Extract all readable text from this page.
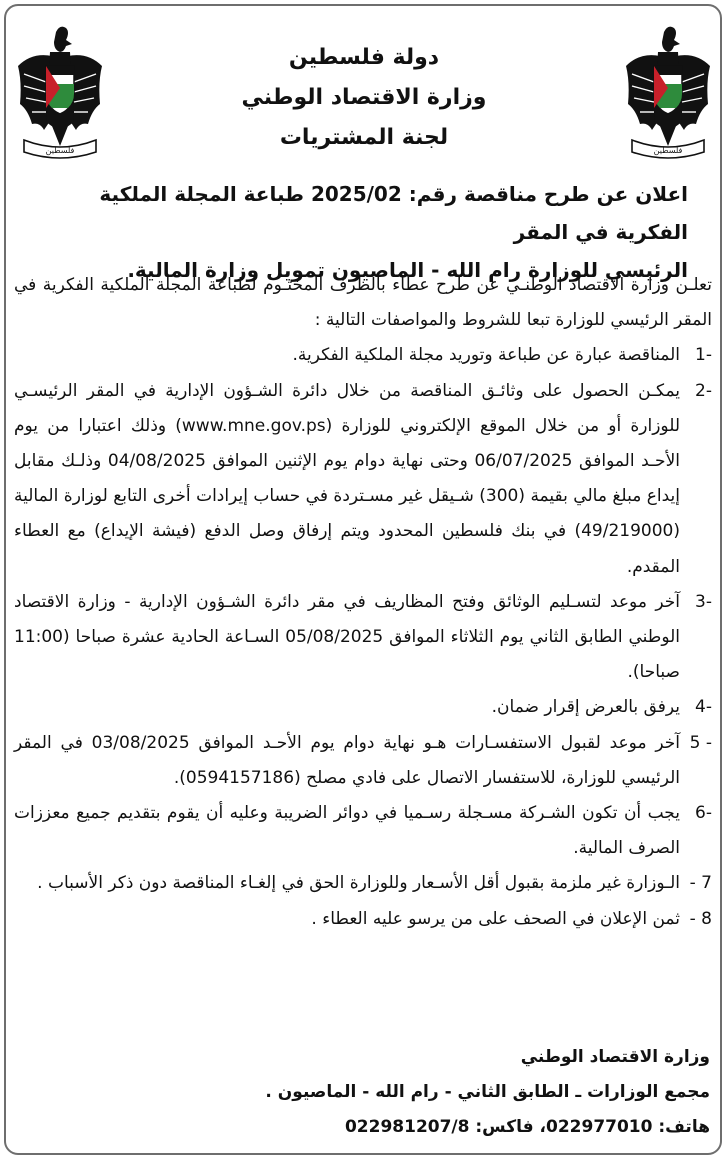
فلسطين
فلسطين
دولة فلسطين
وزارة الاقتصاد الوطني
لجنة المشتريات
اعلان عن طرح مناقصة رقم: 2025/02 طباعة المجلة الملكية الفكرية في المقر
الرئيسي للوزارة رام الله - الماصيون تمويل وزارة المالية.

تعلـن وزارة الاقتصاد الوطنـي عن طرح عطاء بالظرف المختـوم لطباعة المجلة الملكية الفكرية في المقر الرئيسي للوزارة تبعا للشروط والمواصفات التالية :

-1
المناقصة عبارة عن طباعة وتوريد مجلة الملكية الفكرية.
-2
يمكـن الحصول على وثائـق المناقصة من خلال دائرة الشـؤون الإدارية في المقر الرئيسـي للوزارة أو من خلال الموقع الإلكتروني للوزارة (www.mne.gov.ps) وذلك اعتبارا من يوم الأحـد الموافق 06/07/2025 وحتى نهاية دوام يوم الإثنين الموافق 04/08/2025 وذلـك مقابل إيداع مبلغ مالي بقيمة (300) شـيقل غير مسـتردة في حساب إيرادات أخرى التابع لوزارة المالية (49/219000) في بنك فلسطين المحدود ويتم إرفاق وصل الدفع (فيشة الإيداع) مع العطاء المقدم.
-3
آخر موعد لتسـليم الوثائق وفتح المظاريف في مقر دائرة الشـؤون الإدارية - وزارة الاقتصاد الوطني الطابق الثاني يوم الثلاثاء الموافق 05/08/2025 السـاعة الحادية عشرة صباحا (11:00 صباحا).
-4
يرفق بالعرض إقرار ضمان.
- 5
آخر موعد لقبول الاستفسـارات هـو نهاية دوام يوم الأحـد الموافق 03/08/2025 في المقر الرئيسي للوزارة، للاستفسار الاتصال على فادي مصلح (0594157186).
-6
يجب أن تكون الشـركة مسـجلة رسـميا في دوائر الضريبة وعليه أن يقوم بتقديم جميع معززات الصرف المالية.
7 -
الـوزارة غير ملزمة بقبول أقل الأسـعار وللوزارة الحق في إلغـاء المناقصة دون ذكر الأسباب .
8 -
ثمن الإعلان في الصحف على من يرسو عليه العطاء .
وزارة الاقتصاد الوطني
مجمع الوزارات ـ الطابق الثاني - رام الله - الماصيون .
هاتف: 022977010، فاكس: 022981207/8
